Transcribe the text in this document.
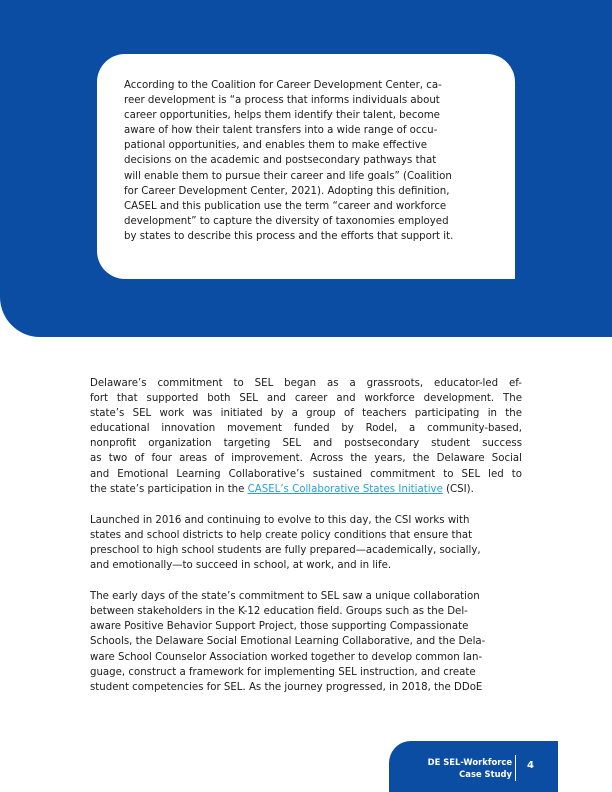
According to the Coalition for Career Development Center, ca-
reer development is “a process that informs individuals about
career opportunities, helps them identify their talent, become
aware of how their talent transfers into a wide range of occu-
pational opportunities, and enables them to make effective
decisions on the academic and postsecondary pathways that
will enable them to pursue their career and life goals” (Coalition
for Career Development Center, 2021). Adopting this definition,
CASEL and this publication use the term “career and workforce
development” to capture the diversity of taxonomies employed
by states to describe this process and the efforts that support it.
Delaware’s commitment to SEL began as a grassroots, educator-led ef-
fort that supported both SEL and career and workforce development. The
state’s SEL work was initiated by a group of teachers participating in the
educational innovation movement funded by Rodel, a community-based,
nonprofit organization targeting SEL and postsecondary student success
as two of four areas of improvement. Across the years, the Delaware Social
and Emotional Learning Collaborative’s sustained commitment to SEL led to
the state’s participation in the CASEL’s Collaborative States Initiative (CSI).
Launched in 2016 and continuing to evolve to this day, the CSI works with
states and school districts to help create policy conditions that ensure that
preschool to high school students are fully prepared—academically, socially,
and emotionally—to succeed in school, at work, and in life.
The early days of the state’s commitment to SEL saw a unique collaboration
between stakeholders in the K-12 education field. Groups such as the Del-
aware Positive Behavior Support Project, those supporting Compassionate
Schools, the Delaware Social Emotional Learning Collaborative, and the Dela-
ware School Counselor Association worked together to develop common lan-
guage, construct a framework for implementing SEL instruction, and create
student competencies for SEL. As the journey progressed, in 2018, the DDoE
DE SEL-Workforce
Case Study
4
